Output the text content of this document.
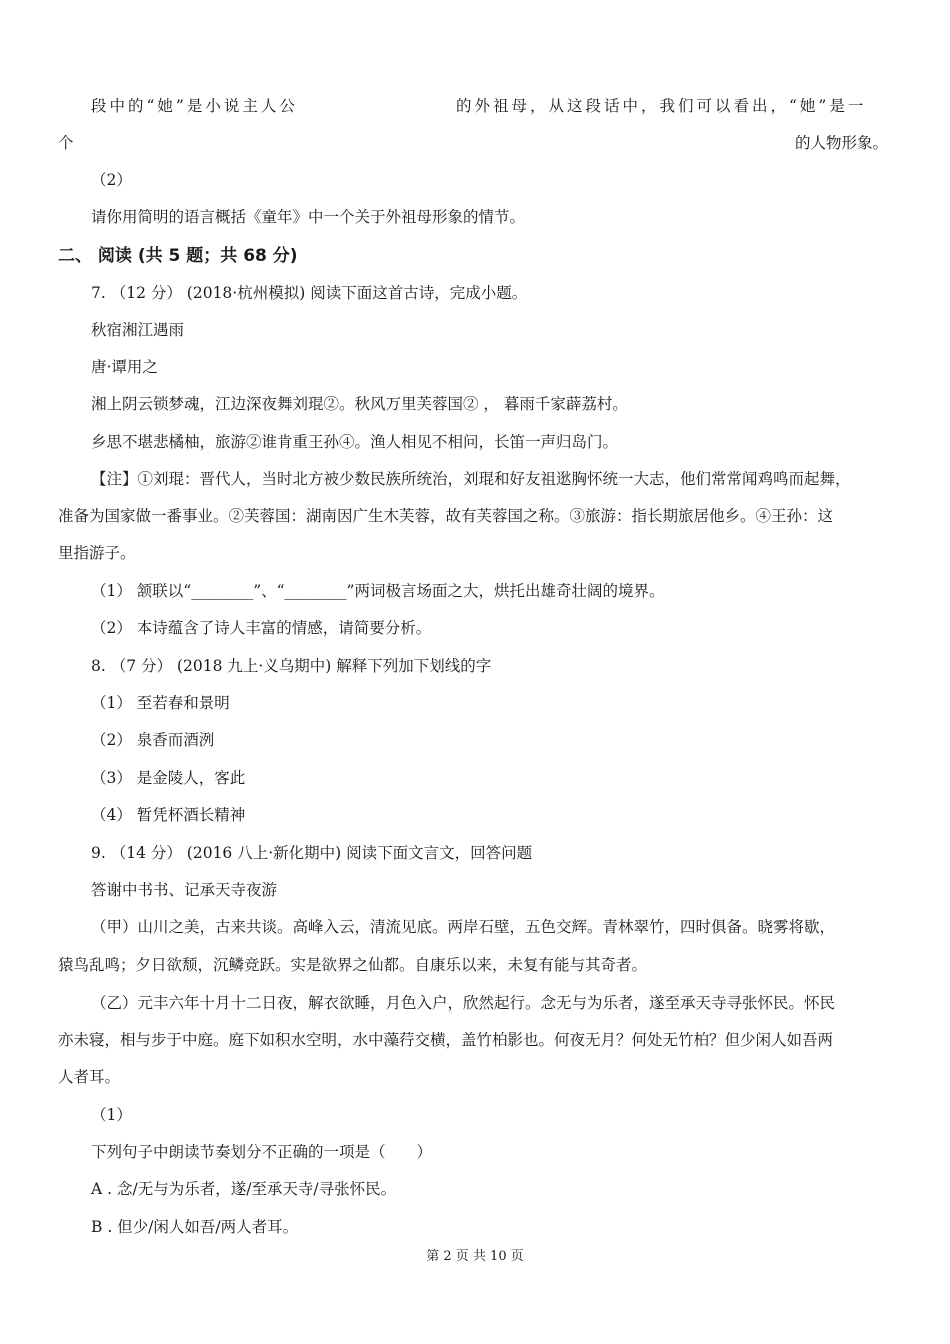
段中的“她”是小说主人公	的外祖母，从这段话中，我们可以看出，“她”是一
个	的人物形象。
（2）
请你用简明的语言概括《童年》中一个关于外祖母形象的情节。
二、 阅读 (共 5 题；共 68 分)
7. （12 分） (2018·杭州模拟) 阅读下面这首古诗，完成小题。
秋宿湘江遇雨
唐·谭用之
湘上阴云锁梦魂，江边深夜舞刘琨②。秋风万里芙蓉国② ， 暮雨千家薜荔村。
乡思不堪悲橘柚，旅游②谁肯重王孙④。渔人相见不相问，长笛一声归岛门。
【注】①刘琨：晋代人，当时北方被少数民族所统治，刘琨和好友祖逖胸怀统一大志，他们常常闻鸡鸣而起舞，
准备为国家做一番事业。②芙蓉国：湖南因广生木芙蓉，故有芙蓉国之称。③旅游：指长期旅居他乡。④王孙：这
里指游子。
（1） 颔联以“________”、“________”两词极言场面之大，烘托出雄奇壮阔的境界。
（2） 本诗蕴含了诗人丰富的情感，请简要分析。
8. （7 分） (2018 九上·义乌期中) 解释下列加下划线的字
（1） 至若春和景明
（2） 泉香而酒洌
（3） 是金陵人，客此
（4） 暂凭杯酒长精神
9. （14 分） (2016 八上·新化期中) 阅读下面文言文，回答问题
答谢中书书、记承天寺夜游
（甲）山川之美，古来共谈。高峰入云，清流见底。两岸石壁，五色交辉。青林翠竹，四时俱备。晓雾将歇，
猿鸟乱鸣；夕日欲颓，沉鳞竞跃。实是欲界之仙都。自康乐以来，未复有能与其奇者。
（乙）元丰六年十月十二日夜，解衣欲睡，月色入户，欣然起行。念无与为乐者，遂至承天寺寻张怀民。怀民
亦未寝，相与步于中庭。庭下如积水空明，水中藻荇交横，盖竹柏影也。何夜无月？何处无竹柏？但少闲人如吾两
人者耳。
（1）
下列句子中朗读节奏划分不正确的一项是（　　）
A . 念/无与为乐者，遂/至承天寺/寻张怀民。
B . 但少/闲人如吾/两人者耳。
第 2 页 共 10 页
